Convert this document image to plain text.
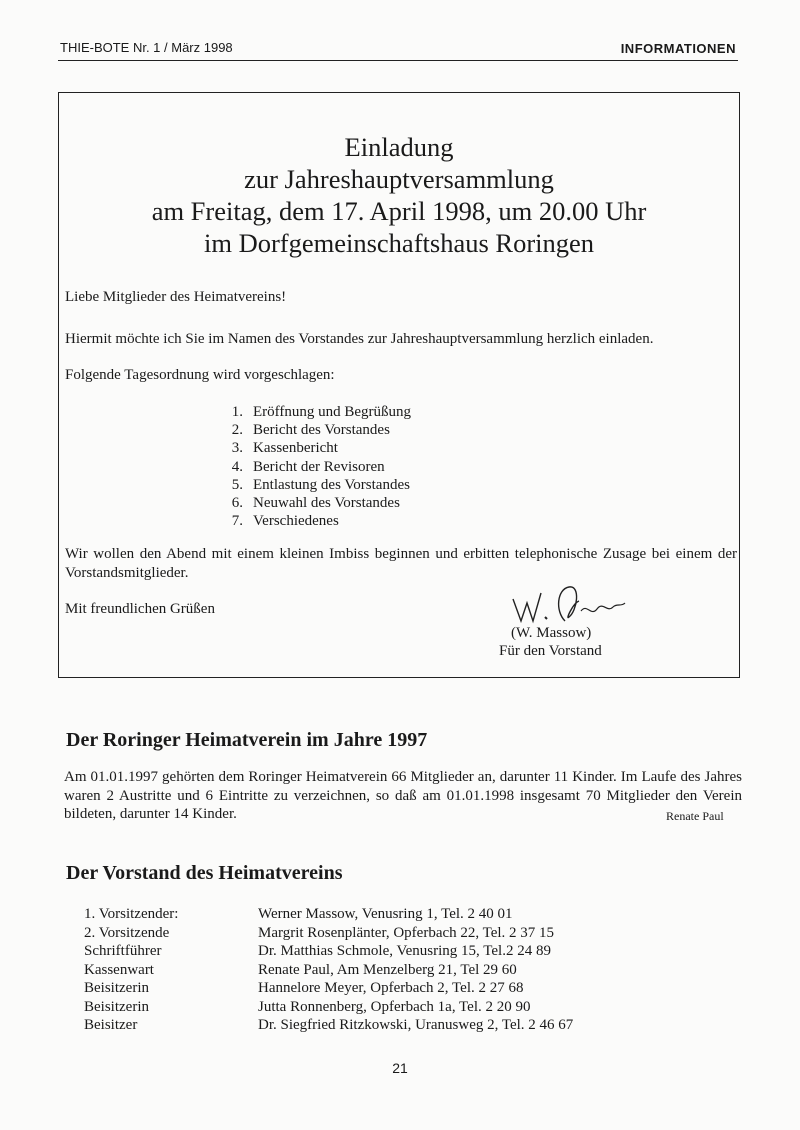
THIE-BOTE Nr. 1 / März 1998	INFORMATIONEN
Einladung
zur Jahreshauptversammlung
am Freitag, dem 17. April 1998, um 20.00 Uhr
im Dorfgemeinschaftshaus Roringen
Liebe Mitglieder des Heimatvereins!
Hiermit möchte ich Sie im Namen des Vorstandes zur Jahreshauptversammlung herzlich einladen.
Folgende Tagesordnung wird vorgeschlagen:
1. Eröffnung und Begrüßung
2. Bericht des Vorstandes
3. Kassenbericht
4. Bericht der Revisoren
5. Entlastung des Vorstandes
6. Neuwahl des Vorstandes
7. Verschiedenes
Wir wollen den Abend mit einem kleinen Imbiss beginnen und erbitten telephonische Zusage bei einem der Vorstandsmitglieder.
Mit freundlichen Grüßen
(W. Massow)
Für den Vorstand
Der Roringer Heimatverein im Jahre 1997
Am 01.01.1997 gehörten dem Roringer Heimatverein 66 Mitglieder an, darunter 11 Kinder. Im Laufe des Jahres waren 2 Austritte und 6 Eintritte zu verzeichnen, so daß am 01.01.1998 insgesamt 70 Mitglieder den Verein bildeten, darunter 14 Kinder.	Renate Paul
Der Vorstand des Heimatvereins
1. Vorsitzender:	Werner Massow, Venusring 1, Tel. 2 40 01
2. Vorsitzende	Margrit Rosenplänter, Opferbach 22, Tel. 2 37 15
Schriftführer	Dr. Matthias Schmole, Venusring 15, Tel.2 24 89
Kassenwart	Renate Paul, Am Menzelberg 21, Tel 29 60
Beisitzerin	Hannelore Meyer, Opferbach 2, Tel. 2 27 68
Beisitzerin	Jutta Ronnenberg, Opferbach 1a, Tel. 2 20 90
Beisitzer	Dr. Siegfried Ritzkowski, Uranusweg 2, Tel. 2 46 67
21
